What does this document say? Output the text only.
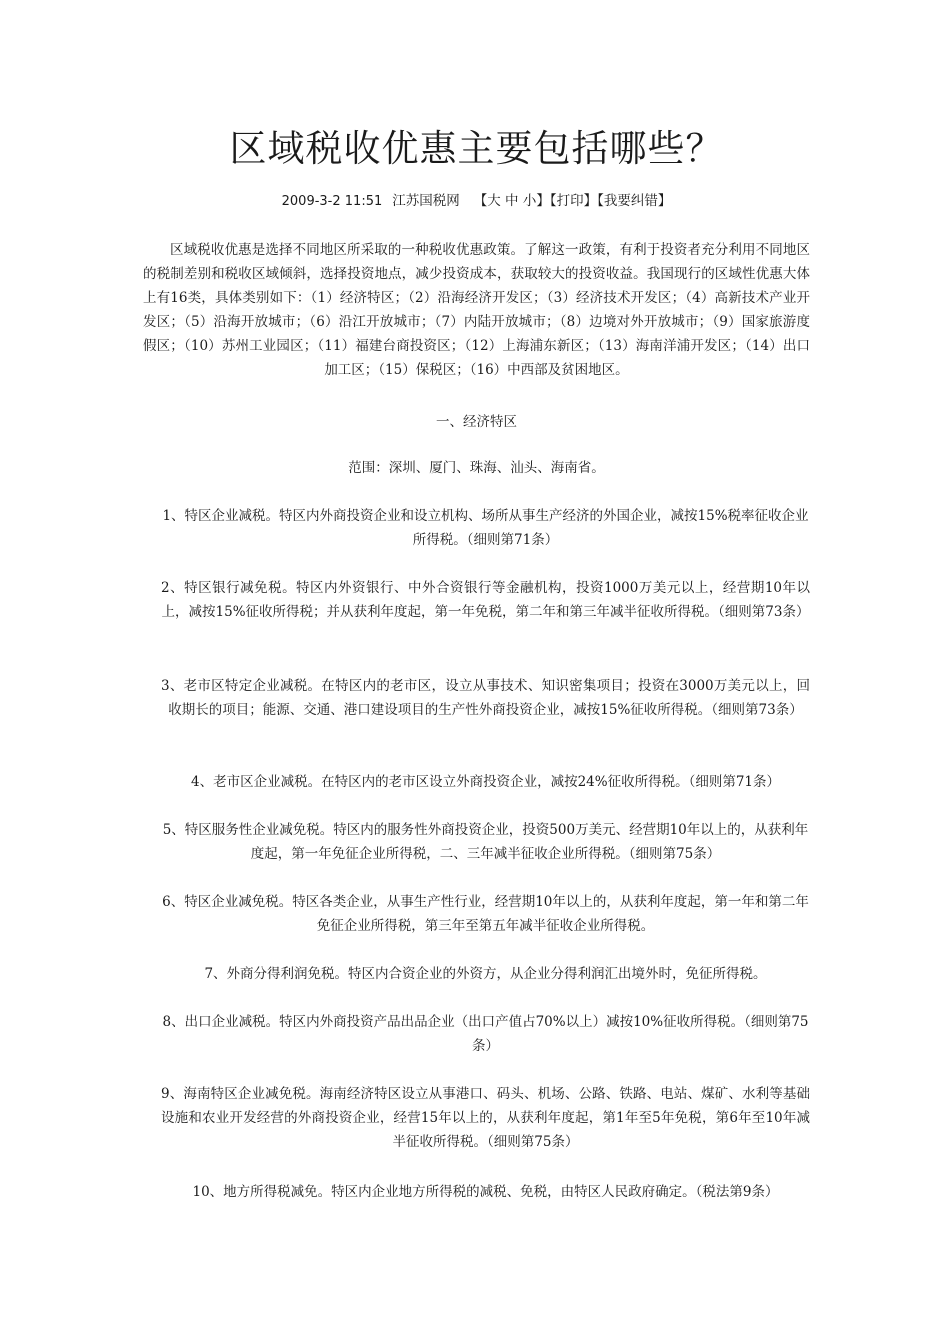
区域税收优惠主要包括哪些？
2009-3-2 11:51 江苏国税网 【大 中 小】【打印】【我要纠错】
区域税收优惠是选择不同地区所采取的一种税收优惠政策。了解这一政策，有利于投资者充分利用不同地区的税制差别和税收区域倾斜，选择投资地点，减少投资成本，获取较大的投资收益。我国现行的区域性优惠大体上有16类，具体类别如下：（1）经济特区；（2）沿海经济开发区；（3）经济技术开发区；（4）高新技术产业开发区；（5）沿海开放城市；（6）沿江开放城市；（7）内陆开放城市；（8）边境对外开放城市；（9）国家旅游度假区；（10）苏州工业园区；（11）福建台商投资区；（12）上海浦东新区；（13）海南洋浦开发区；（14）出口加工区；（15）保税区；（16）中西部及贫困地区。
一、经济特区
范围：深圳、厦门、珠海、汕头、海南省。
1、特区企业减税。特区内外商投资企业和设立机构、场所从事生产经济的外国企业，减按15%税率征收企业所得税。（细则第71条）
2、特区银行减免税。特区内外资银行、中外合资银行等金融机构，投资1000万美元以上，经营期10年以上，减按15%征收所得税；并从获利年度起，第一年免税，第二年和第三年减半征收所得税。（细则第73条）
3、老市区特定企业减税。在特区内的老市区，设立从事技术、知识密集项目；投资在3000万美元以上，回收期长的项目；能源、交通、港口建设项目的生产性外商投资企业，减按15%征收所得税。（细则第73条）
4、老市区企业减税。在特区内的老市区设立外商投资企业，减按24%征收所得税。（细则第71条）
5、特区服务性企业减免税。特区内的服务性外商投资企业，投资500万美元、经营期10年以上的，从获利年度起，第一年免征企业所得税，二、三年减半征收企业所得税。（细则第75条）
6、特区企业减免税。特区各类企业，从事生产性行业，经营期10年以上的，从获利年度起，第一年和第二年免征企业所得税，第三年至第五年减半征收企业所得税。
7、外商分得利润免税。特区内合资企业的外资方，从企业分得利润汇出境外时，免征所得税。
8、出口企业减税。特区内外商投资产品出品企业（出口产值占70%以上）减按10%征收所得税。（细则第75条）
9、海南特区企业减免税。海南经济特区设立从事港口、码头、机场、公路、铁路、电站、煤矿、水利等基础设施和农业开发经营的外商投资企业，经营15年以上的，从获利年度起，第1年至5年免税，第6年至10年减半征收所得税。（细则第75条）
10、地方所得税减免。特区内企业地方所得税的减税、免税，由特区人民政府确定。（税法第9条）
